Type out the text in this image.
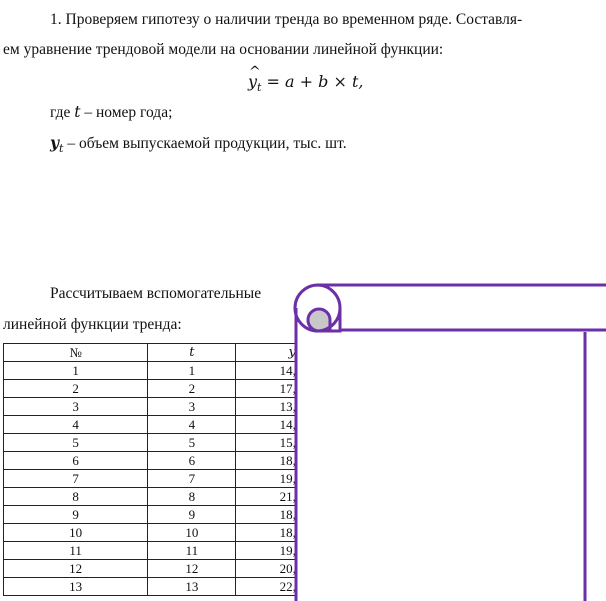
1. Проверяем гипотезу о наличии тренда во временном ряде. Составля-
ем уравнение трендовой модели на основании линейной функции:
^ $y_t = a + b \times t$,
где t – номер года;
$y_t$ – объем выпускаемой продукции, тыс. шт.
Рассчитываем вспомогательные
линейной функции тренда:
№	t	y	
1	1	14,	
2	2	17,	
3	3	13,	
4	4	14,	
5	5	15,	
6	6	18,	
7	7	19,	
8	8	21,	
9	9	18,	
10	10	18,	
11	11	19,	
12	12	20,	
13	13	22,	
